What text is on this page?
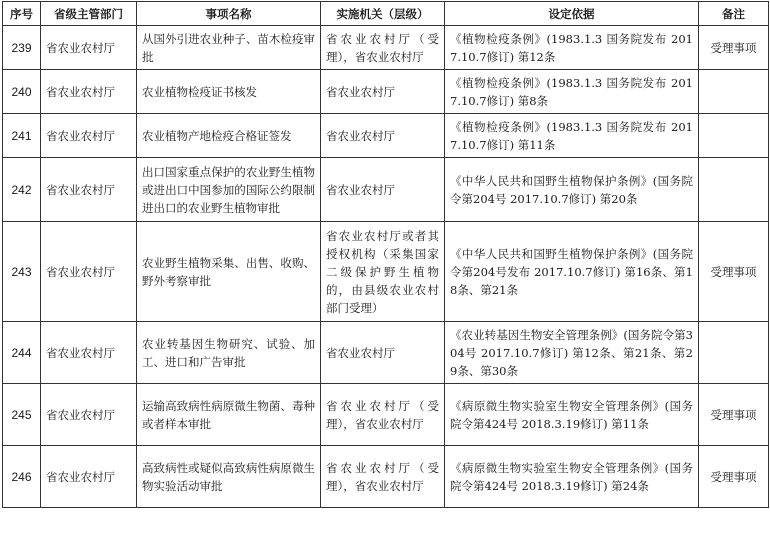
序号	省级主管部门	事项名称	实施机关（层级）	设定依据	备注
239	省农业农村厅	从国外引进农业种子、苗木检疫审批	省农业农村厅（受理），省农业农村厅	《植物检疫条例》(1983.1.3 国务院发布 2017.10.7修订) 第12条	受理事项
240	省农业农村厅	农业植物检疫证书核发	省农业农村厅	《植物检疫条例》(1983.1.3 国务院发布 2017.10.7修订) 第8条	
241	省农业农村厅	农业植物产地检疫合格证签发	省农业农村厅	《植物检疫条例》(1983.1.3 国务院发布 2017.10.7修订) 第11条	
242	省农业农村厅	出口国家重点保护的农业野生植物或进出口中国参加的国际公约限制进出口的农业野生植物审批	省农业农村厅	《中华人民共和国野生植物保护条例》(国务院令第204号 2017.10.7修订) 第20条	
243	省农业农村厅	农业野生植物采集、出售、收购、野外考察审批	省农业农村厅或者其授权机构（采集国家二级保护野生植物的，由县级农业农村部门受理）	《中华人民共和国野生植物保护条例》(国务院令第204号发布 2017.10.7修订) 第16条、第18条、第21条	受理事项
244	省农业农村厅	农业转基因生物研究、试验、加工、进口和广告审批	省农业农村厅	《农业转基因生物安全管理条例》(国务院令第304号 2017.10.7修订) 第12条、第21条、第29条、第30条	
245	省农业农村厅	运输高致病性病原微生物菌、毒种或者样本审批	省农业农村厅（受理），省农业农村厅	《病原微生物实验室生物安全管理条例》(国务院令第424号 2018.3.19修订) 第11条	受理事项
246	省农业农村厅	高致病性或疑似高致病性病原微生物实验活动审批	省农业农村厅（受理），省农业农村厅	《病原微生物实验室生物安全管理条例》(国务院令第424号 2018.3.19修订) 第24条	受理事项
